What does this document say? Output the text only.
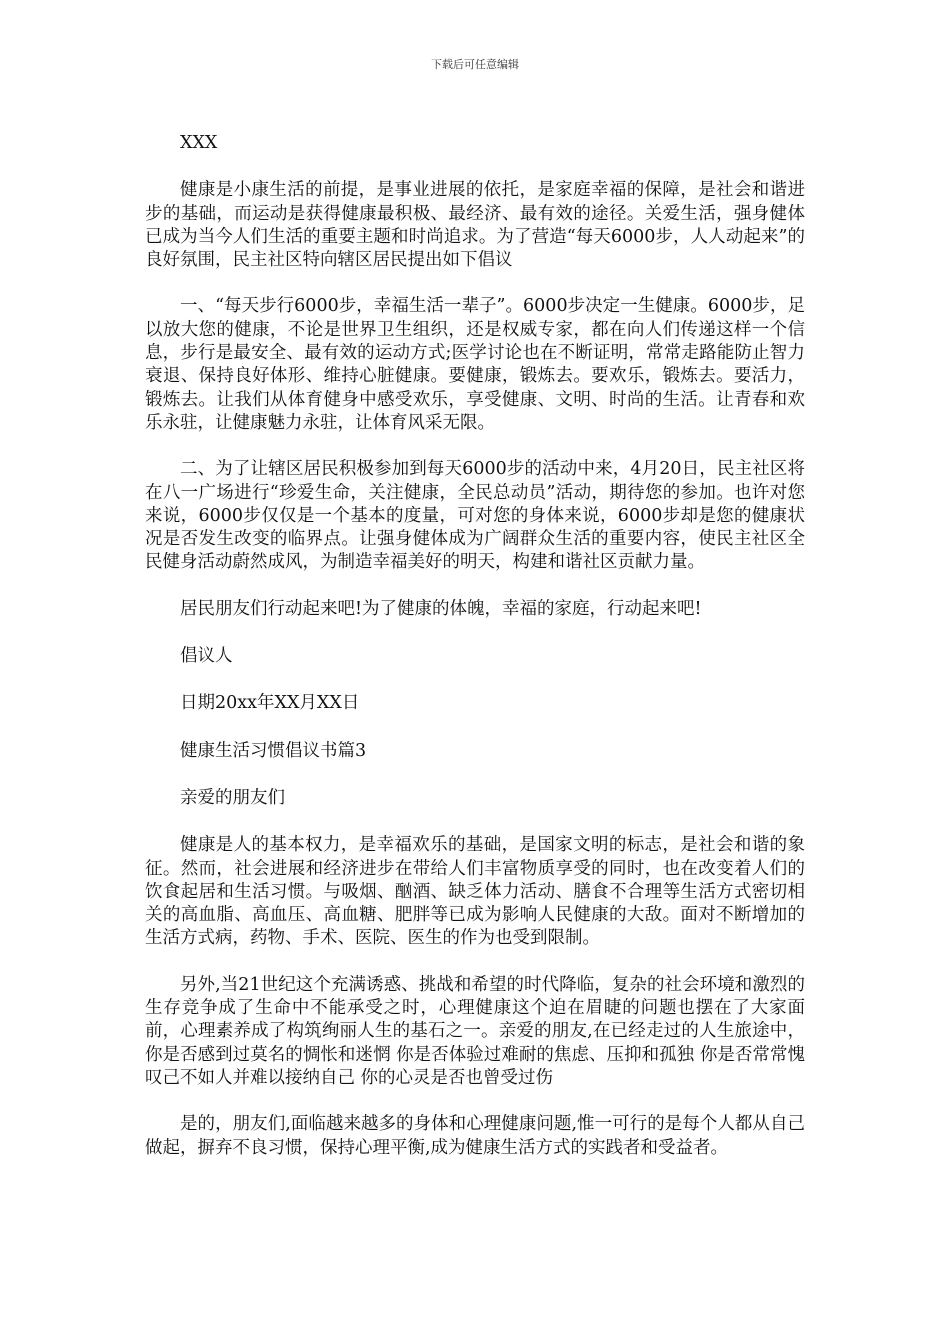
下载后可任意编辑

XXX

健康是小康生活的前提，是事业进展的依托，是家庭幸福的保障，是社会和谐进步的基础，而运动是获得健康最积极、最经济、最有效的途径。关爱生活，强身健体已成为当今人们生活的重要主题和时尚追求。为了营造“每天6000步，人人动起来”的良好氛围，民主社区特向辖区居民提出如下倡议

一、“每天步行6000步，幸福生活一辈子”。6000步决定一生健康。6000步，足以放大您的健康，不论是世界卫生组织，还是权威专家，都在向人们传递这样一个信息，步行是最安全、最有效的运动方式;医学讨论也在不断证明，常常走路能防止智力衰退、保持良好体形、维持心脏健康。要健康，锻炼去。要欢乐，锻炼去。要活力，锻炼去。让我们从体育健身中感受欢乐，享受健康、文明、时尚的生活。让青春和欢乐永驻，让健康魅力永驻，让体育风采无限。

二、为了让辖区居民积极参加到每天6000步的活动中来，4月20日，民主社区将在八一广场进行“珍爱生命，关注健康，全民总动员”活动，期待您的参加。也许对您来说，6000步仅仅是一个基本的度量，可对您的身体来说，6000步却是您的健康状况是否发生改变的临界点。让强身健体成为广阔群众生活的重要内容，使民主社区全民健身活动蔚然成风，为制造幸福美好的明天，构建和谐社区贡献力量。

居民朋友们行动起来吧!为了健康的体魄，幸福的家庭，行动起来吧!

倡议人

日期20xx年XX月XX日

健康生活习惯倡议书篇3

亲爱的朋友们

健康是人的基本权力，是幸福欢乐的基础，是国家文明的标志，是社会和谐的象征。然而，社会进展和经济进步在带给人们丰富物质享受的同时，也在改变着人们的饮食起居和生活习惯。与吸烟、酗酒、缺乏体力活动、膳食不合理等生活方式密切相关的高血脂、高血压、高血糖、肥胖等已成为影响人民健康的大敌。面对不断增加的生活方式病，药物、手术、医院、医生的作为也受到限制。

另外,当21世纪这个充满诱惑、挑战和希望的时代降临，复杂的社会环境和激烈的生存竞争成了生命中不能承受之时，心理健康这个迫在眉睫的问题也摆在了大家面前，心理素养成了构筑绚丽人生的基石之一。亲爱的朋友,在已经走过的人生旅途中，你是否感到过莫名的惆怅和迷惘 你是否体验过难耐的焦虑、压抑和孤独 你是否常常愧叹己不如人并难以接纳自己 你的心灵是否也曾受过伤

是的，朋友们,面临越来越多的身体和心理健康问题,惟一可行的是每个人都从自己做起，摒弃不良习惯，保持心理平衡,成为健康生活方式的实践者和受益者。
